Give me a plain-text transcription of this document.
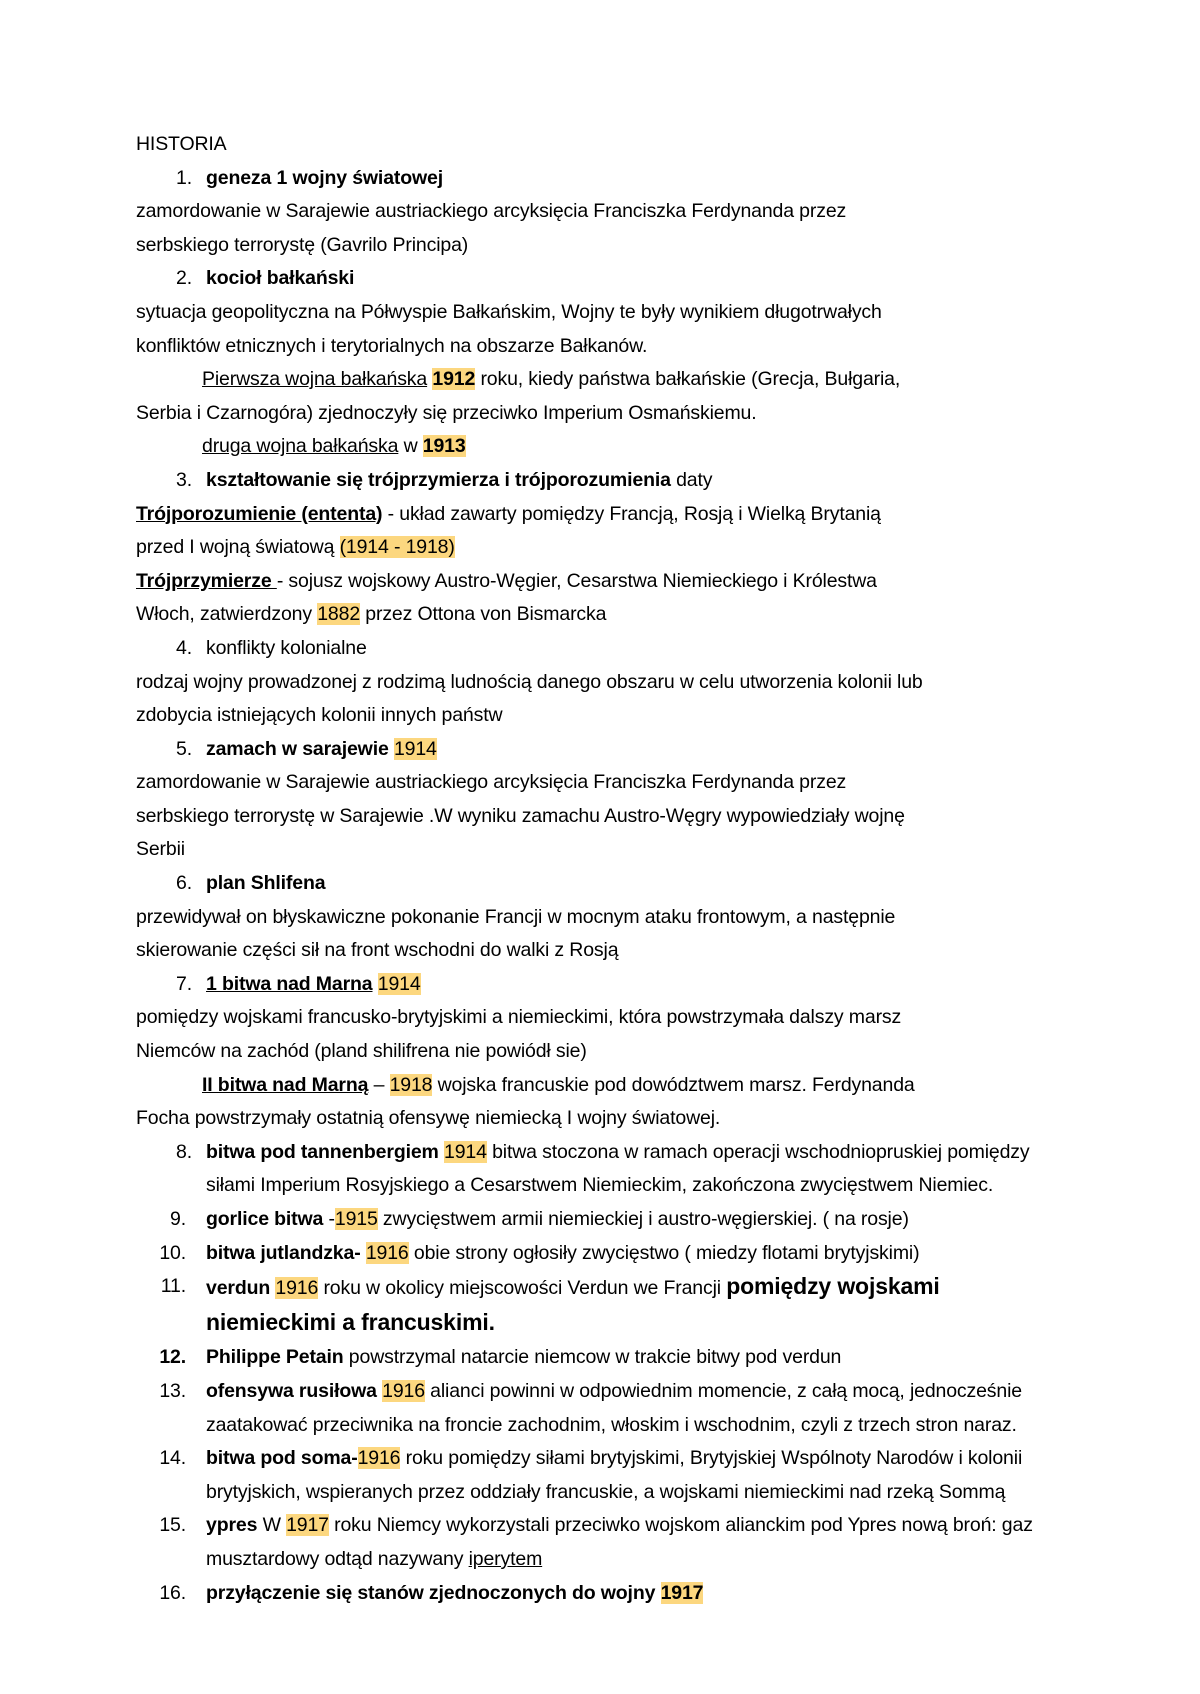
HISTORIA

1. geneza 1 wojny światowej

zamordowanie w Sarajewie austriackiego arcyksięcia Franciszka Ferdynanda przez

serbskiego terrorystę (Gavrilo Principa)

2. kocioł bałkański

sytuacja geopolityczna na Półwyspie Bałkańskim, Wojny te były wynikiem długotrwałych

konfliktów etnicznych i terytorialnych na obszarze Bałkanów.

Pierwsza wojna bałkańska 1912 roku, kiedy państwa bałkańskie (Grecja, Bułgaria,

Serbia i Czarnogóra) zjednoczyły się przeciwko Imperium Osmańskiemu.

druga wojna bałkańska w 1913

3. kształtowanie się trójprzymierza i trójporozumienia daty

Trójporozumienie (ententa) - układ zawarty pomiędzy Francją, Rosją i Wielką Brytanią

przed I wojną światową (1914 - 1918)

Trójprzymierze - sojusz wojskowy Austro-Węgier, Cesarstwa Niemieckiego i Królestwa

Włoch, zatwierdzony 1882 przez Ottona von Bismarcka

4. konflikty kolonialne

rodzaj wojny prowadzonej z rodzimą ludnością danego obszaru w celu utworzenia kolonii lub

zdobycia istniejących kolonii innych państw

5. zamach w sarajewie 1914

zamordowanie w Sarajewie austriackiego arcyksięcia Franciszka Ferdynanda przez

serbskiego terrorystę w Sarajewie .W wyniku zamachu Austro-Węgry wypowiedziały wojnę

Serbii

6. plan Shlifena

przewidywał on błyskawiczne pokonanie Francji w mocnym ataku frontowym, a następnie

skierowanie części sił na front wschodni do walki z Rosją

7. 1 bitwa nad Marna 1914

pomiędzy wojskami francusko-brytyjskimi a niemieckimi, która powstrzymała dalszy marsz

Niemców na zachód (pland shilifrena nie powiódł sie)

II bitwa nad Marną – 1918 wojska francuskie pod dowództwem marsz. Ferdynanda

Focha powstrzymały ostatnią ofensywę niemiecką I wojny światowej.

8. bitwa pod tannenbergiem 1914 bitwa stoczona w ramach operacji wschodniopruskiej pomiędzy siłami Imperium Rosyjskiego a Cesarstwem Niemieckim, zakończona zwycięstwem Niemiec.

9. gorlice bitwa -1915 zwycięstwem armii niemieckiej i austro-węgierskiej. ( na rosje)

10. bitwa jutlandzka- 1916 obie strony ogłosiły zwycięstwo ( miedzy flotami brytyjskimi)

11. verdun 1916 roku w okolicy miejscowości Verdun we Francji pomiędzy wojskami niemieckimi a francuskimi.

12. Philippe Petain powstrzymal natarcie niemcow w trakcie bitwy pod verdun

13. ofensywa rusiłowa 1916 alianci powinni w odpowiednim momencie, z całą mocą, jednocześnie zaatakować przeciwnika na froncie zachodnim, włoskim i wschodnim, czyli z trzech stron naraz.

14. bitwa pod soma-1916 roku pomiędzy siłami brytyjskimi, Brytyjskiej Wspólnoty Narodów i kolonii brytyjskich, wspieranych przez oddziały francuskie, a wojskami niemieckimi nad rzeką Sommą

15. ypres W 1917 roku Niemcy wykorzystali przeciwko wojskom alianckim pod Ypres nową broń: gaz musztardowy odtąd nazywany iperytem

16. przyłączenie się stanów zjednoczonych do wojny 1917
